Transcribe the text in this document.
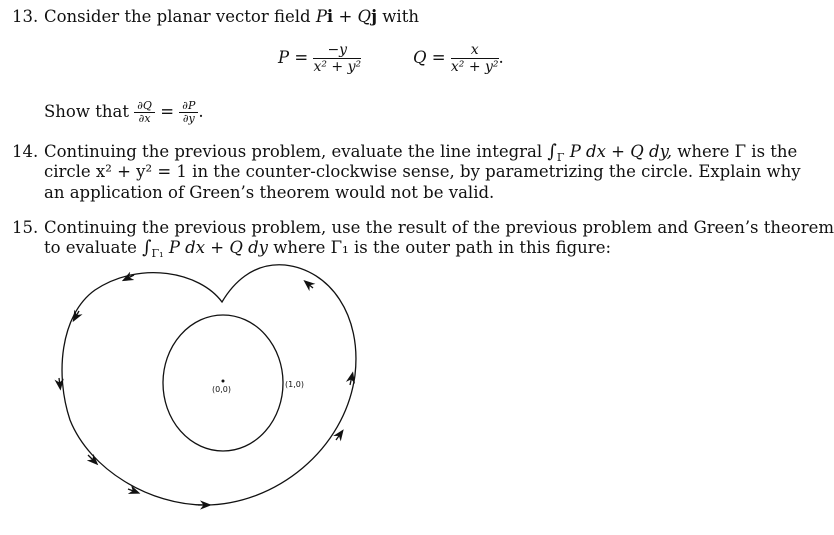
13. Consider the planar vector field Pi + Qj with
$P = \frac{-y}{\text{x² + y²}}$	$Q = \frac{x}{\text{x² + y²}}$ .
Show that $\frac{\partial Q}{\partial x} = \frac{\partial P}{\partial y}$ .
14. Continuing the previous problem, evaluate the line integral $\int_\Gamma$ P dx + Q dy, where Γ is the
circle x² + y² = 1 in the counter-clockwise sense, by parametrizing the circle. Explain why
an application of Green’s theorem would not be valid.
15. Continuing the previous problem, use the result of the previous problem and Green’s theorem
to evaluate $\int_{\Gamma_1}$ P dx + Q dy where Γ₁ is the outer path in this figure:
(0,0)
(1,0)
